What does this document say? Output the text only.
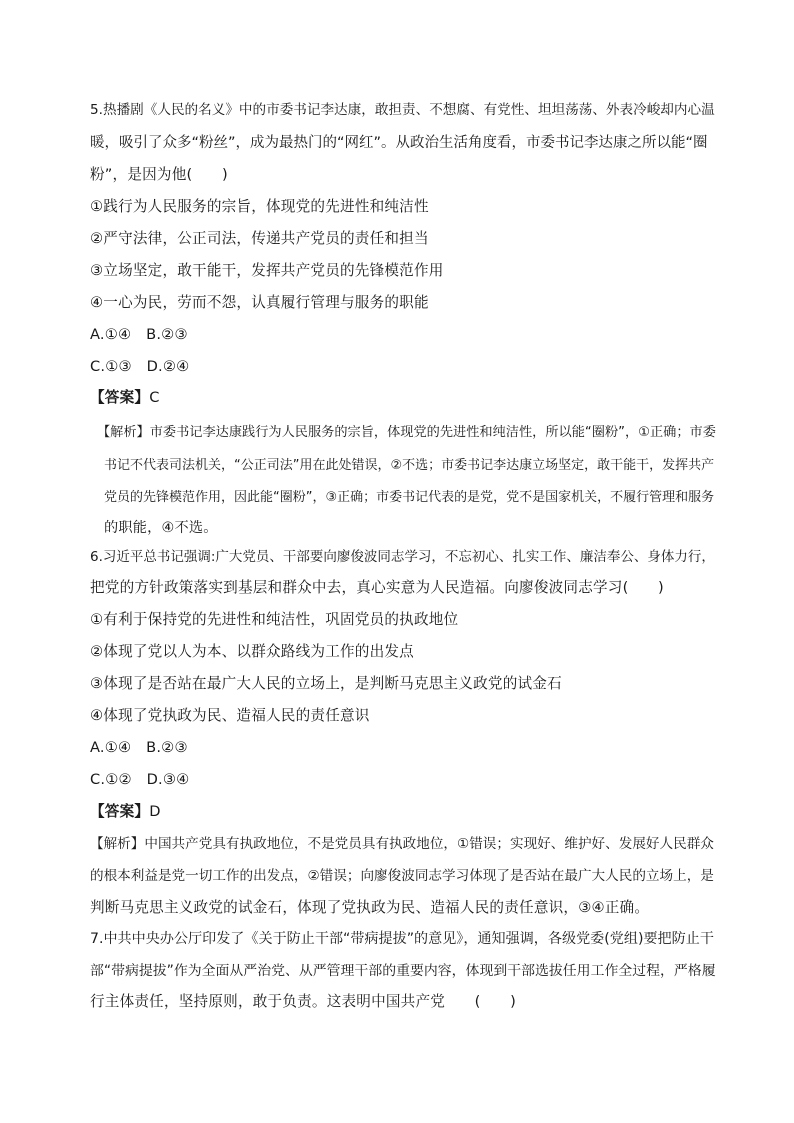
5.热播剧《人民的名义》中的市委书记李达康，敢担责、不想腐、有党性、坦坦荡荡、外表冷峻却内心温
暖，吸引了众多“粉丝”，成为最热门的“网红”。从政治生活角度看，市委书记李达康之所以能“圈
粉”，是因为他(　　)
①践行为人民服务的宗旨，体现党的先进性和纯洁性
②严守法律，公正司法，传递共产党员的责任和担当
③立场坚定，敢干能干，发挥共产党员的先锋模范作用
④一心为民，劳而不怨，认真履行管理与服务的职能
A.①④　B.②③
C.①③　D.②④
【答案】C
【解析】市委书记李达康践行为人民服务的宗旨，体现党的先进性和纯洁性，所以能“圈粉”，①正确；市委
书记不代表司法机关，“公正司法”用在此处错误，②不选；市委书记李达康立场坚定，敢干能干，发挥共产
党员的先锋模范作用，因此能“圈粉”，③正确；市委书记代表的是党，党不是国家机关，不履行管理和服务
的职能，④不选。
6.习近平总书记强调:广大党员、干部要向廖俊波同志学习，不忘初心、扎实工作、廉洁奉公、身体力行，
把党的方针政策落实到基层和群众中去，真心实意为人民造福。向廖俊波同志学习(　　)
①有利于保持党的先进性和纯洁性，巩固党员的执政地位
②体现了党以人为本、以群众路线为工作的出发点
③体现了是否站在最广大人民的立场上，是判断马克思主义政党的试金石
④体现了党执政为民、造福人民的责任意识
A.①④　B.②③
C.①②　D.③④
【答案】D
【解析】中国共产党具有执政地位，不是党员具有执政地位，①错误；实现好、维护好、发展好人民群众
的根本利益是党一切工作的出发点，②错误；向廖俊波同志学习体现了是否站在最广大人民的立场上，是
判断马克思主义政党的试金石，体现了党执政为民、造福人民的责任意识，③④正确。
7.中共中央办公厅印发了《关于防止干部“带病提拔”的意见》，通知强调，各级党委(党组)要把防止干
部“带病提拔”作为全面从严治党、从严管理干部的重要内容，体现到干部选拔任用工作全过程，严格履
行主体责任，坚持原则，敢于负责。这表明中国共产党　　(　　)
